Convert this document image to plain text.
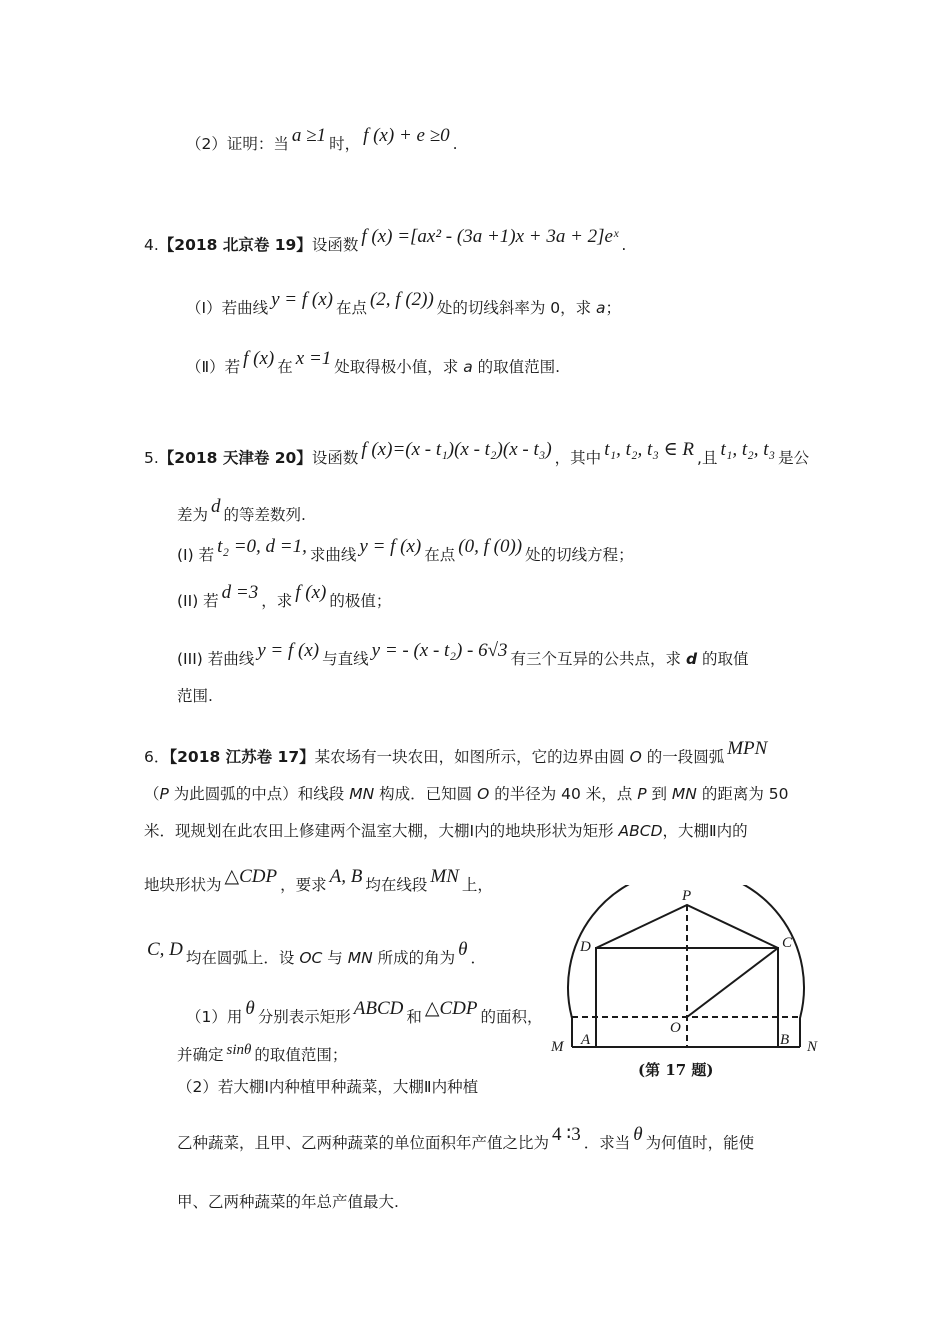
（2）证明：当 a ≥1 时， f (x) + e ≥0 .
4.【2018 北京卷 19】设函数 f (x) =[ax² - (3a +1)x + 3a + 2]eˣ .
（Ⅰ）若曲线 y = f (x) 在点 (2, f (2)) 处的切线斜率为 0，求 a；
（Ⅱ）若 f (x) 在 x =1 处取得极小值，求 a 的取值范围.
5.【2018 天津卷 20】设函数 f (x)=(x - t₁)(x - t₂)(x - t₃) ，其中 t₁, t₂, t₃ ∈ R ,且 t₁, t₂, t₃ 是公
差为 d 的等差数列.
(I) 若 t₂ =0, d =1, 求曲线 y = f (x) 在点 (0, f (0)) 处的切线方程；
(II) 若 d =3 ，求 f (x) 的极值；
(III) 若曲线 y = f (x) 与直线 y = - (x - t₂) - 6√3 有三个互异的公共点，求 d 的取值
范围.
6．【2018 江苏卷 17】某农场有一块农田，如图所示，它的边界由圆 O 的一段圆弧 MPN
（P 为此圆弧的中点）和线段 MN 构成．已知圆 O 的半径为 40 米，点 P 到 MN 的距离为 50
米．现规划在此农田上修建两个温室大棚，大棚Ⅰ内的地块形状为矩形 ABCD，大棚Ⅱ内的
地块形状为 △CDP ，要求 A, B 均在线段 MN 上，
C, D 均在圆弧上．设 OC 与 MN 所成的角为 θ ．
（1）用 θ 分别表示矩形 ABCD 和 △CDP 的面积，
并确定 sinθ 的取值范围；
（2）若大棚Ⅰ内种植甲种蔬菜，大棚Ⅱ内种植
乙种蔬菜，且甲、乙两种蔬菜的单位面积年产值之比为 4 ∶3 ．求当 θ 为何值时，能使
甲、乙两种蔬菜的年总产值最大.
P
D	C
O
M A	B N
(第 17 题)
